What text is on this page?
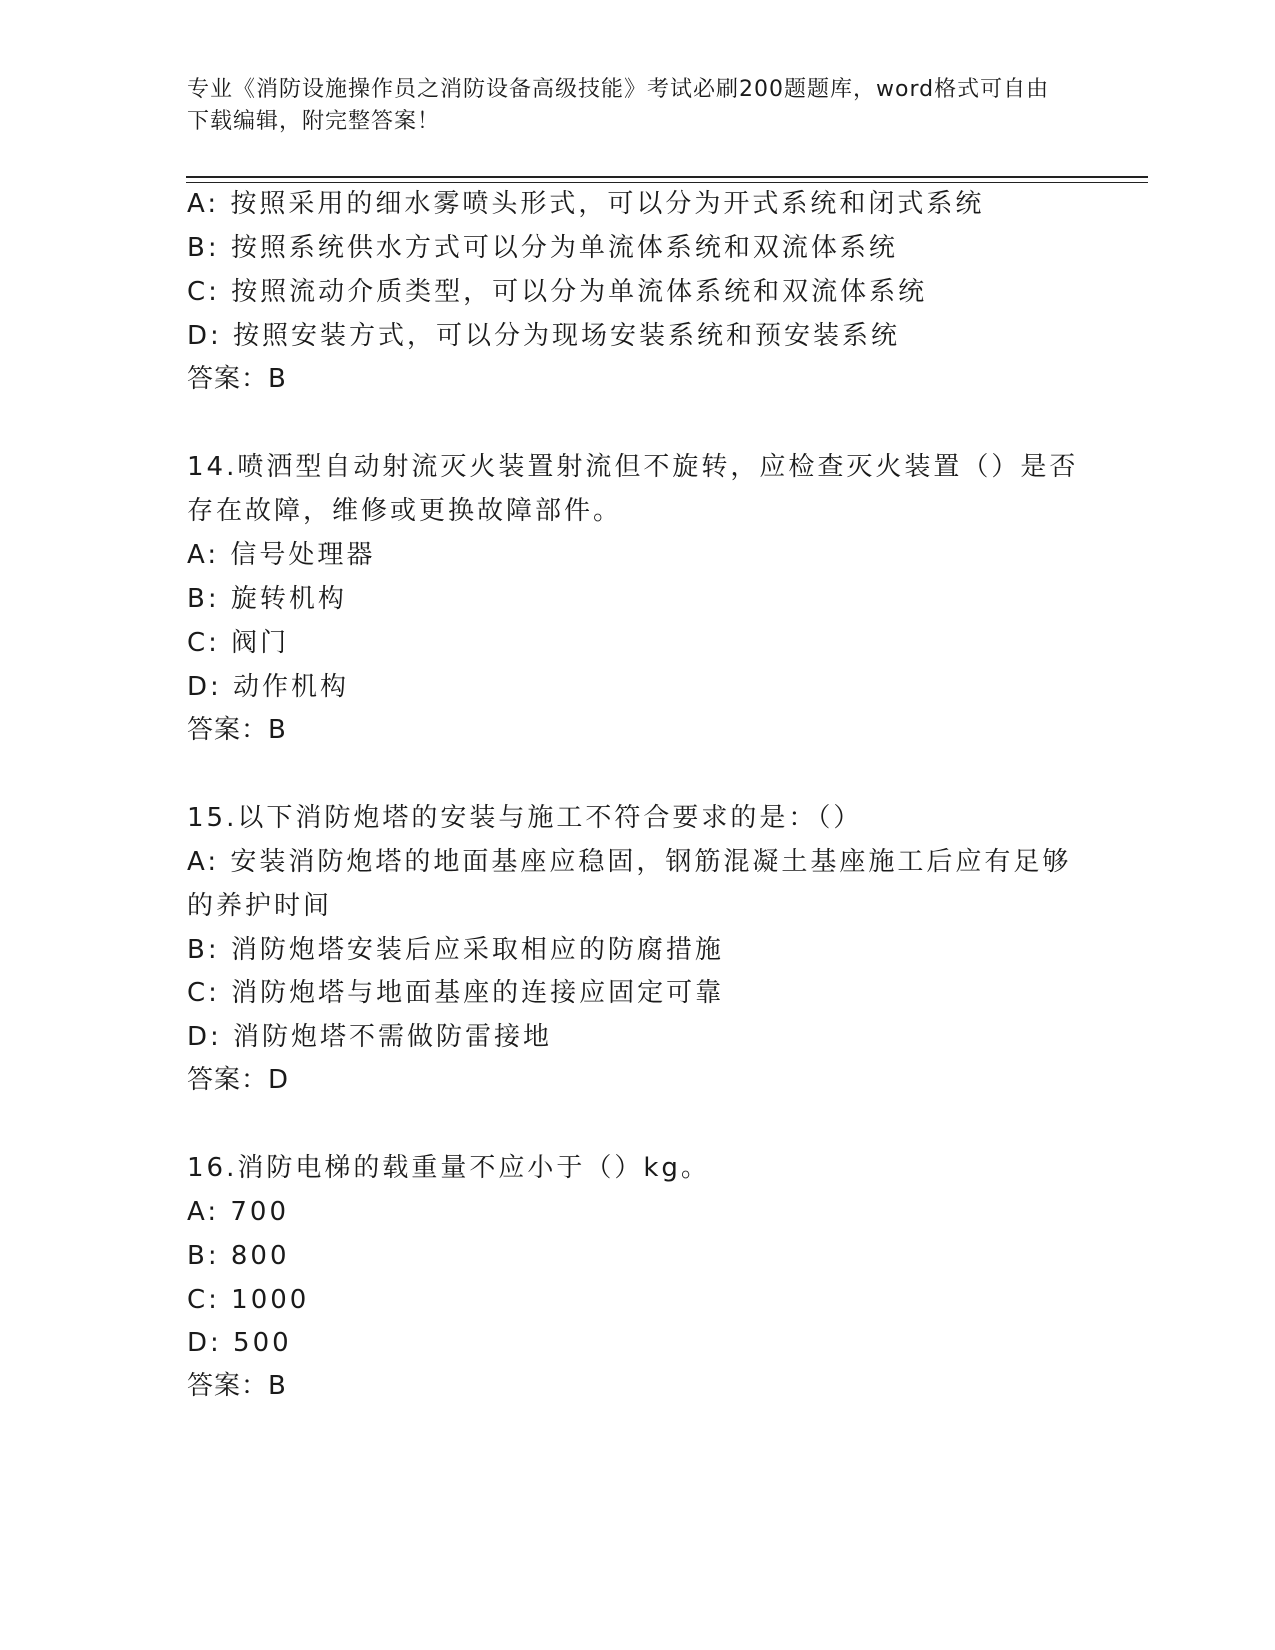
专业《消防设施操作员之消防设备高级技能》考试必刷200题题库，word格式可自由下载编辑，附完整答案！
A: 按照采用的细水雾喷头形式，可以分为开式系统和闭式系统
B: 按照系统供水方式可以分为单流体系统和双流体系统
C: 按照流动介质类型，可以分为单流体系统和双流体系统
D: 按照安装方式，可以分为现场安装系统和预安装系统
答案：B
14.喷洒型自动射流灭火装置射流但不旋转，应检查灭火装置（）是否
存在故障，维修或更换故障部件。
A: 信号处理器
B: 旋转机构
C: 阀门
D: 动作机构
答案：B
15.以下消防炮塔的安装与施工不符合要求的是：（）
A: 安装消防炮塔的地面基座应稳固，钢筋混凝土基座施工后应有足够
的养护时间
B: 消防炮塔安装后应采取相应的防腐措施
C: 消防炮塔与地面基座的连接应固定可靠
D: 消防炮塔不需做防雷接地
答案：D
16.消防电梯的载重量不应小于（）kg。
A: 700
B: 800
C: 1000
D: 500
答案：B
